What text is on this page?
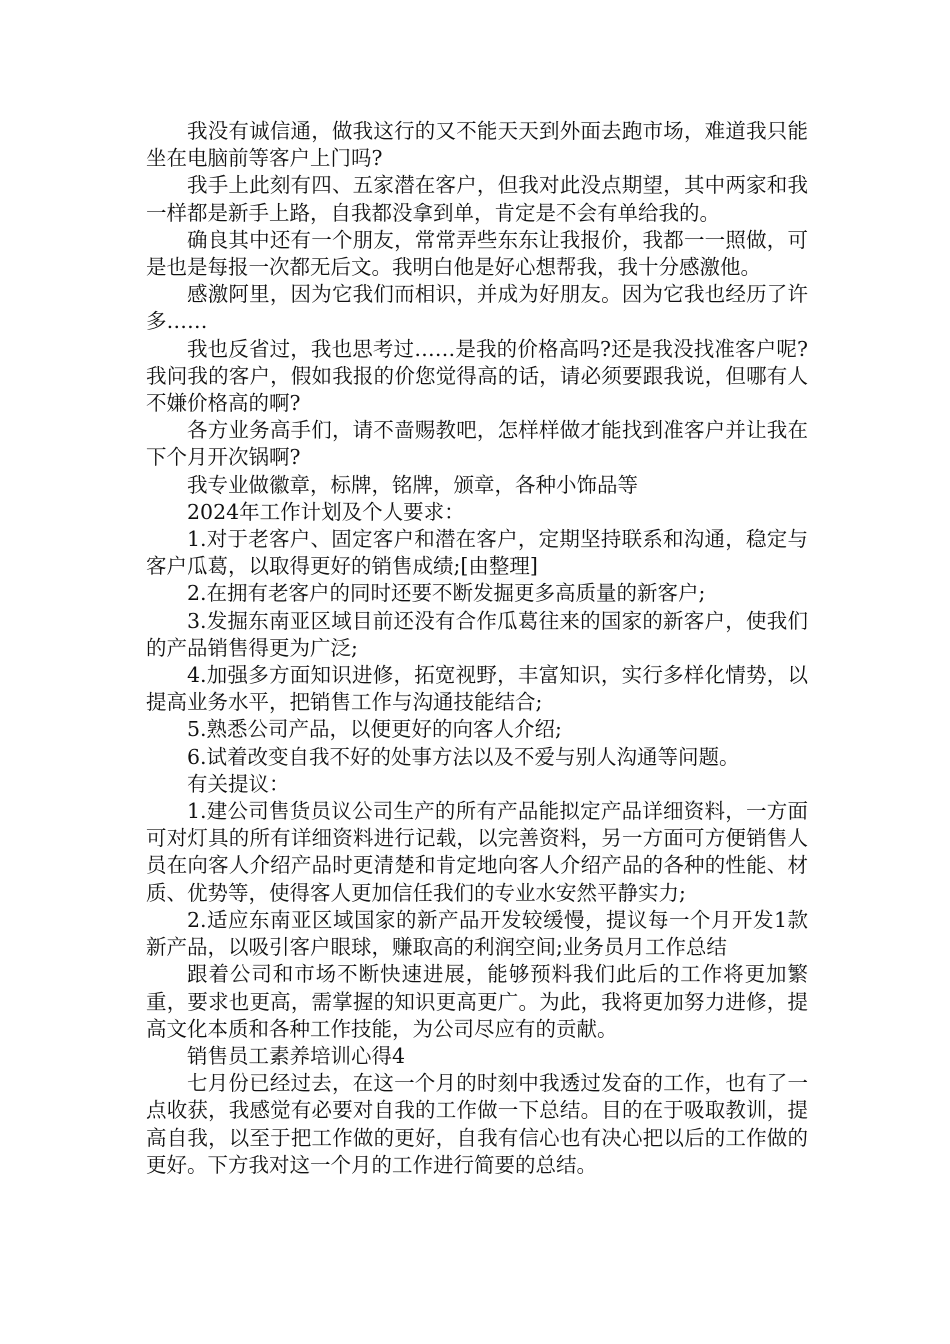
我没有诚信通，做我这行的又不能天天到外面去跑市场，难道我只能坐在电脑前等客户上门吗?

我手上此刻有四、五家潜在客户，但我对此没点期望，其中两家和我一样都是新手上路，自我都没拿到单，肯定是不会有单给我的。

确良其中还有一个朋友，常常弄些东东让我报价，我都一一照做，可是也是每报一次都无后文。我明白他是好心想帮我，我十分感激他。

感激阿里，因为它我们而相识，并成为好朋友。因为它我也经历了许多……

我也反省过，我也思考过……是我的价格高吗?还是我没找准客户呢?我问我的客户，假如我报的价您觉得高的话，请必须要跟我说，但哪有人不嫌价格高的啊?

各方业务高手们，请不啬赐教吧，怎样样做才能找到准客户并让我在下个月开次锅啊?

我专业做徽章，标牌，铭牌，颁章，各种小饰品等

2024年工作计划及个人要求：

1.对于老客户、固定客户和潜在客户，定期坚持联系和沟通，稳定与客户瓜葛，以取得更好的销售成绩;[由整理]

2.在拥有老客户的同时还要不断发掘更多高质量的新客户;

3.发掘东南亚区域目前还没有合作瓜葛往来的国家的新客户，使我们的产品销售得更为广泛;

4.加强多方面知识进修，拓宽视野，丰富知识，实行多样化情势，以提高业务水平，把销售工作与沟通技能结合;

5.熟悉公司产品，以便更好的向客人介绍;

6.试着改变自我不好的处事方法以及不爱与别人沟通等问题。

有关提议：

1.建公司售货员议公司生产的所有产品能拟定产品详细资料，一方面可对灯具的所有详细资料进行记载，以完善资料，另一方面可方便销售人员在向客人介绍产品时更清楚和肯定地向客人介绍产品的各种的性能、材质、优势等，使得客人更加信任我们的专业水安然平静实力;

2.适应东南亚区域国家的新产品开发较缓慢，提议每一个月开发1款新产品，以吸引客户眼球，赚取高的利润空间;业务员月工作总结

跟着公司和市场不断快速进展，能够预料我们此后的工作将更加繁重，要求也更高，需掌握的知识更高更广。为此，我将更加努力进修，提高文化本质和各种工作技能，为公司尽应有的贡献。

销售员工素养培训心得4

七月份已经过去，在这一个月的时刻中我透过发奋的工作，也有了一点收获，我感觉有必要对自我的工作做一下总结。目的在于吸取教训，提高自我，以至于把工作做的更好，自我有信心也有决心把以后的工作做的更好。下方我对这一个月的工作进行简要的总结。
